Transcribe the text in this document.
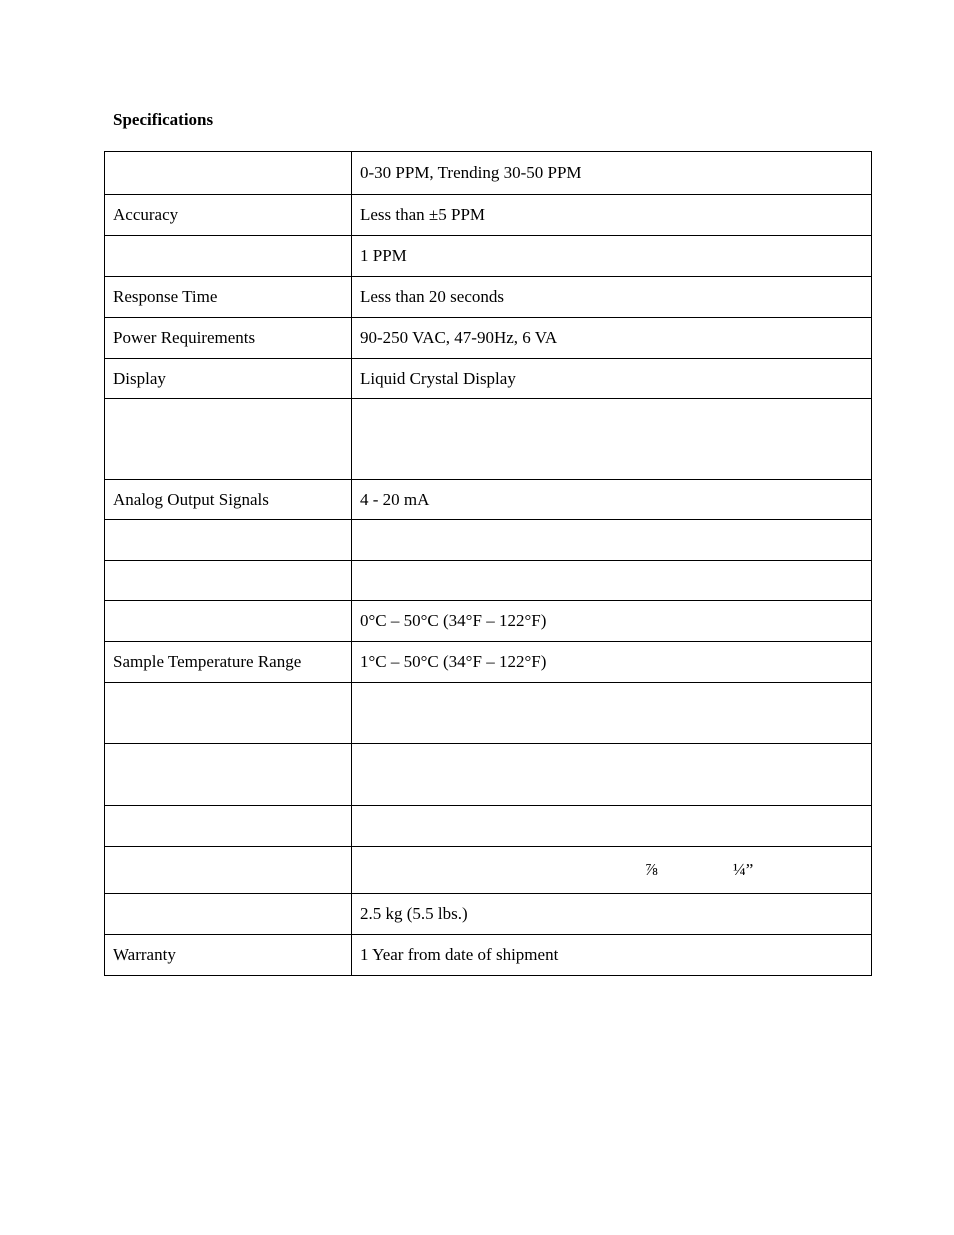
Specifications
	0-30 PPM, Trending 30-50 PPM
Accuracy	Less than ±5 PPM
	1 PPM
Response Time	Less than 20 seconds
Power Requirements	90-250 VAC, 47-90Hz, 6 VA
Display	Liquid Crystal Display

Analog Output Signals	4 - 20 mA

	0°C – 50°C (34°F – 122°F)
Sample Temperature Range	1°C – 50°C (34°F – 122°F)

	⅞ ¼”

	2.5 kg (5.5 lbs.)
Warranty	1 Year from date of shipment
